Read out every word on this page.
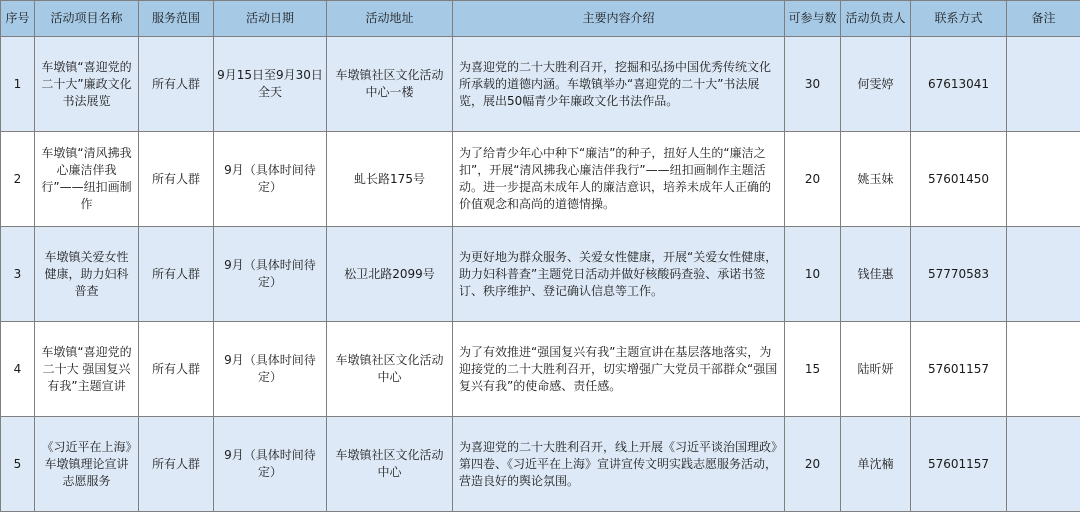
序号	活动项目名称	服务范围	活动日期	活动地址	主要内容介绍	可参与数	活动负责人	联系方式	备注
1	车墩镇“喜迎党的二十大”廉政文化书法展览	所有人群	9月15日至9月30日全天	车墩镇社区文化活动中心一楼	为喜迎党的二十大胜利召开，挖掘和弘扬中国优秀传统文化所承载的道德内涵。车墩镇举办“喜迎党的二十大”书法展览，展出50幅青少年廉政文化书法作品。	30	何雯婷	67613041	
2	车墩镇“清风拂我心廉洁伴我行”——纽扣画制作	所有人群	9月（具体时间待定）	虬长路175号	为了给青少年心中种下“廉洁”的种子，扭好人生的“廉洁之扣”，开展“清风拂我心廉洁伴我行”——纽扣画制作主题活动。进一步提高未成年人的廉洁意识，培养未成年人正确的价值观念和高尚的道德情操。	20	姚玉妹	57601450	
3	车墩镇关爱女性健康，助力妇科普查	所有人群	9月（具体时间待定）	松卫北路2099号	为更好地为群众服务、关爱女性健康，开展“关爱女性健康，助力妇科普查”主题党日活动并做好核酸码查验、承诺书签订、秩序维护、登记确认信息等工作。	10	钱佳惠	57770583	
4	车墩镇“喜迎党的二十大 强国复兴有我”主题宣讲	所有人群	9月（具体时间待定）	车墩镇社区文化活动中心	为了有效推进“强国复兴有我”主题宣讲在基层落地落实，为迎接党的二十大胜利召开，切实增强广大党员干部群众“强国复兴有我”的使命感、责任感。	15	陆昕妍	57601157	
5	《习近平在上海》车墩镇理论宣讲志愿服务	所有人群	9月（具体时间待定）	车墩镇社区文化活动中心	为喜迎党的二十大胜利召开，线上开展《习近平谈治国理政》第四卷、《习近平在上海》宣讲宣传文明实践志愿服务活动，营造良好的舆论氛围。	20	单沈楠	57601157	
